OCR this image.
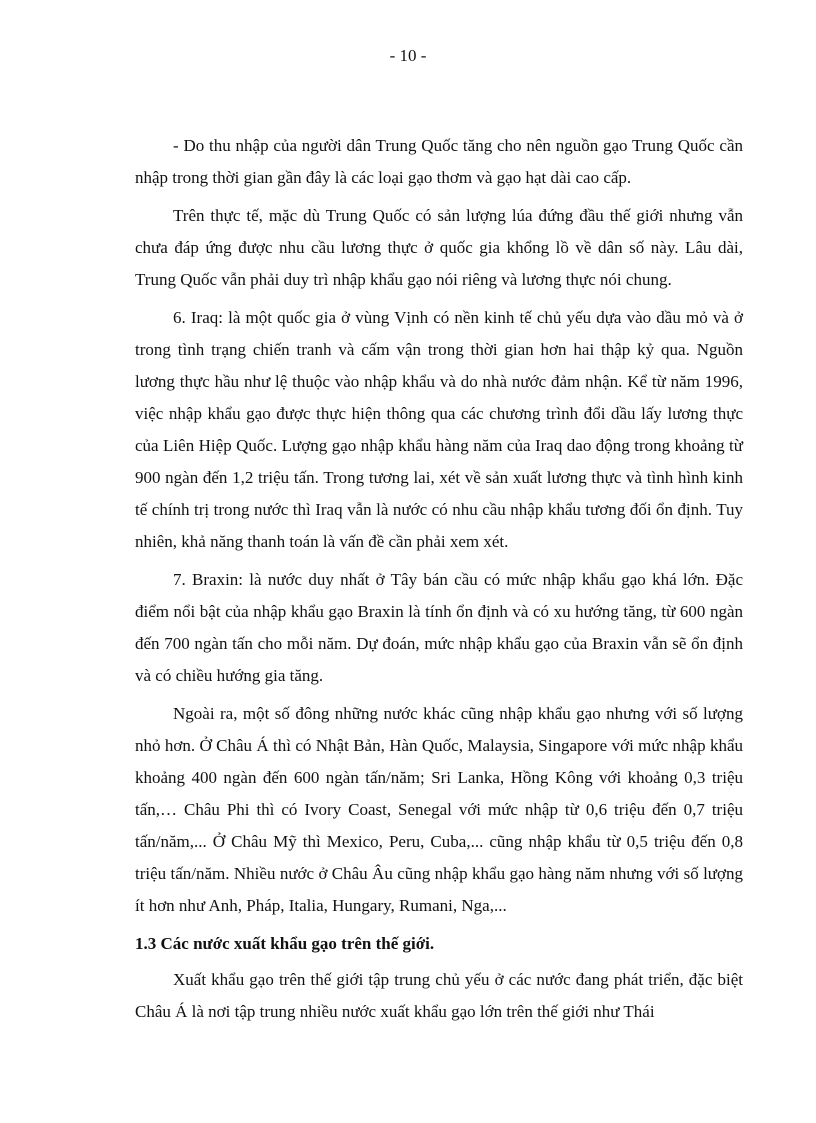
- 10 -

- Do thu nhập của người dân Trung Quốc tăng cho nên nguồn gạo Trung Quốc cần nhập trong thời gian gần đây là các loại gạo thơm và gạo hạt dài cao cấp.

Trên thực tế, mặc dù Trung Quốc có sản lượng lúa đứng đầu thế giới nhưng vẫn chưa đáp ứng được nhu cầu lương thực ở quốc gia khổng lồ về dân số này. Lâu dài, Trung Quốc vẫn phải duy trì nhập khẩu gạo nói riêng và lương thực nói chung.

6. Iraq: là một quốc gia ở vùng Vịnh có nền kinh tế chủ yếu dựa vào dầu mỏ và ở trong tình trạng chiến tranh và cấm vận trong thời gian hơn hai thập kỷ qua. Nguồn lương thực hầu như lệ thuộc vào nhập khẩu và do nhà nước đảm nhận. Kể từ năm 1996, việc nhập khẩu gạo được thực hiện thông qua các chương trình đổi dầu lấy lương thực của Liên Hiệp Quốc. Lượng gạo nhập khẩu hàng năm của Iraq dao động trong khoảng từ 900 ngàn đến 1,2 triệu tấn. Trong tương lai, xét về sản xuất lương thực và tình hình kinh tế chính trị trong nước thì Iraq vẫn là nước có nhu cầu nhập khẩu tương đối ổn định. Tuy nhiên, khả năng thanh toán là vấn đề cần phải xem xét.

7. Braxin: là nước duy nhất ở Tây bán cầu có mức nhập khẩu gạo khá lớn. Đặc điểm nổi bật của nhập khẩu gạo Braxin là tính ổn định và có xu hướng tăng, từ 600 ngàn đến 700 ngàn tấn cho mỗi năm. Dự đoán, mức nhập khẩu gạo của Braxin vẫn sẽ ổn định và có chiều hướng gia tăng.

Ngoài ra, một số đông những nước khác cũng nhập khẩu gạo nhưng với số lượng nhỏ hơn. Ở Châu Á thì có Nhật Bản, Hàn Quốc, Malaysia, Singapore với mức nhập khẩu khoảng 400 ngàn đến 600 ngàn tấn/năm; Sri Lanka, Hồng Kông với khoảng 0,3 triệu tấn,… Châu Phi thì có Ivory Coast, Senegal với mức nhập từ 0,6 triệu đến 0,7 triệu tấn/năm,... Ở Châu Mỹ thì Mexico, Peru, Cuba,... cũng nhập khẩu từ 0,5 triệu đến 0,8 triệu tấn/năm. Nhiều nước ở Châu Âu cũng nhập khẩu gạo hàng năm nhưng với số lượng ít hơn như Anh, Pháp, Italia, Hungary, Rumani, Nga,...

1.3 Các nước xuất khẩu gạo trên thế giới.

Xuất khẩu gạo trên thế giới tập trung chủ yếu ở các nước đang phát triển, đặc biệt Châu Á là nơi tập trung nhiều nước xuất khẩu gạo lớn trên thế giới như Thái
